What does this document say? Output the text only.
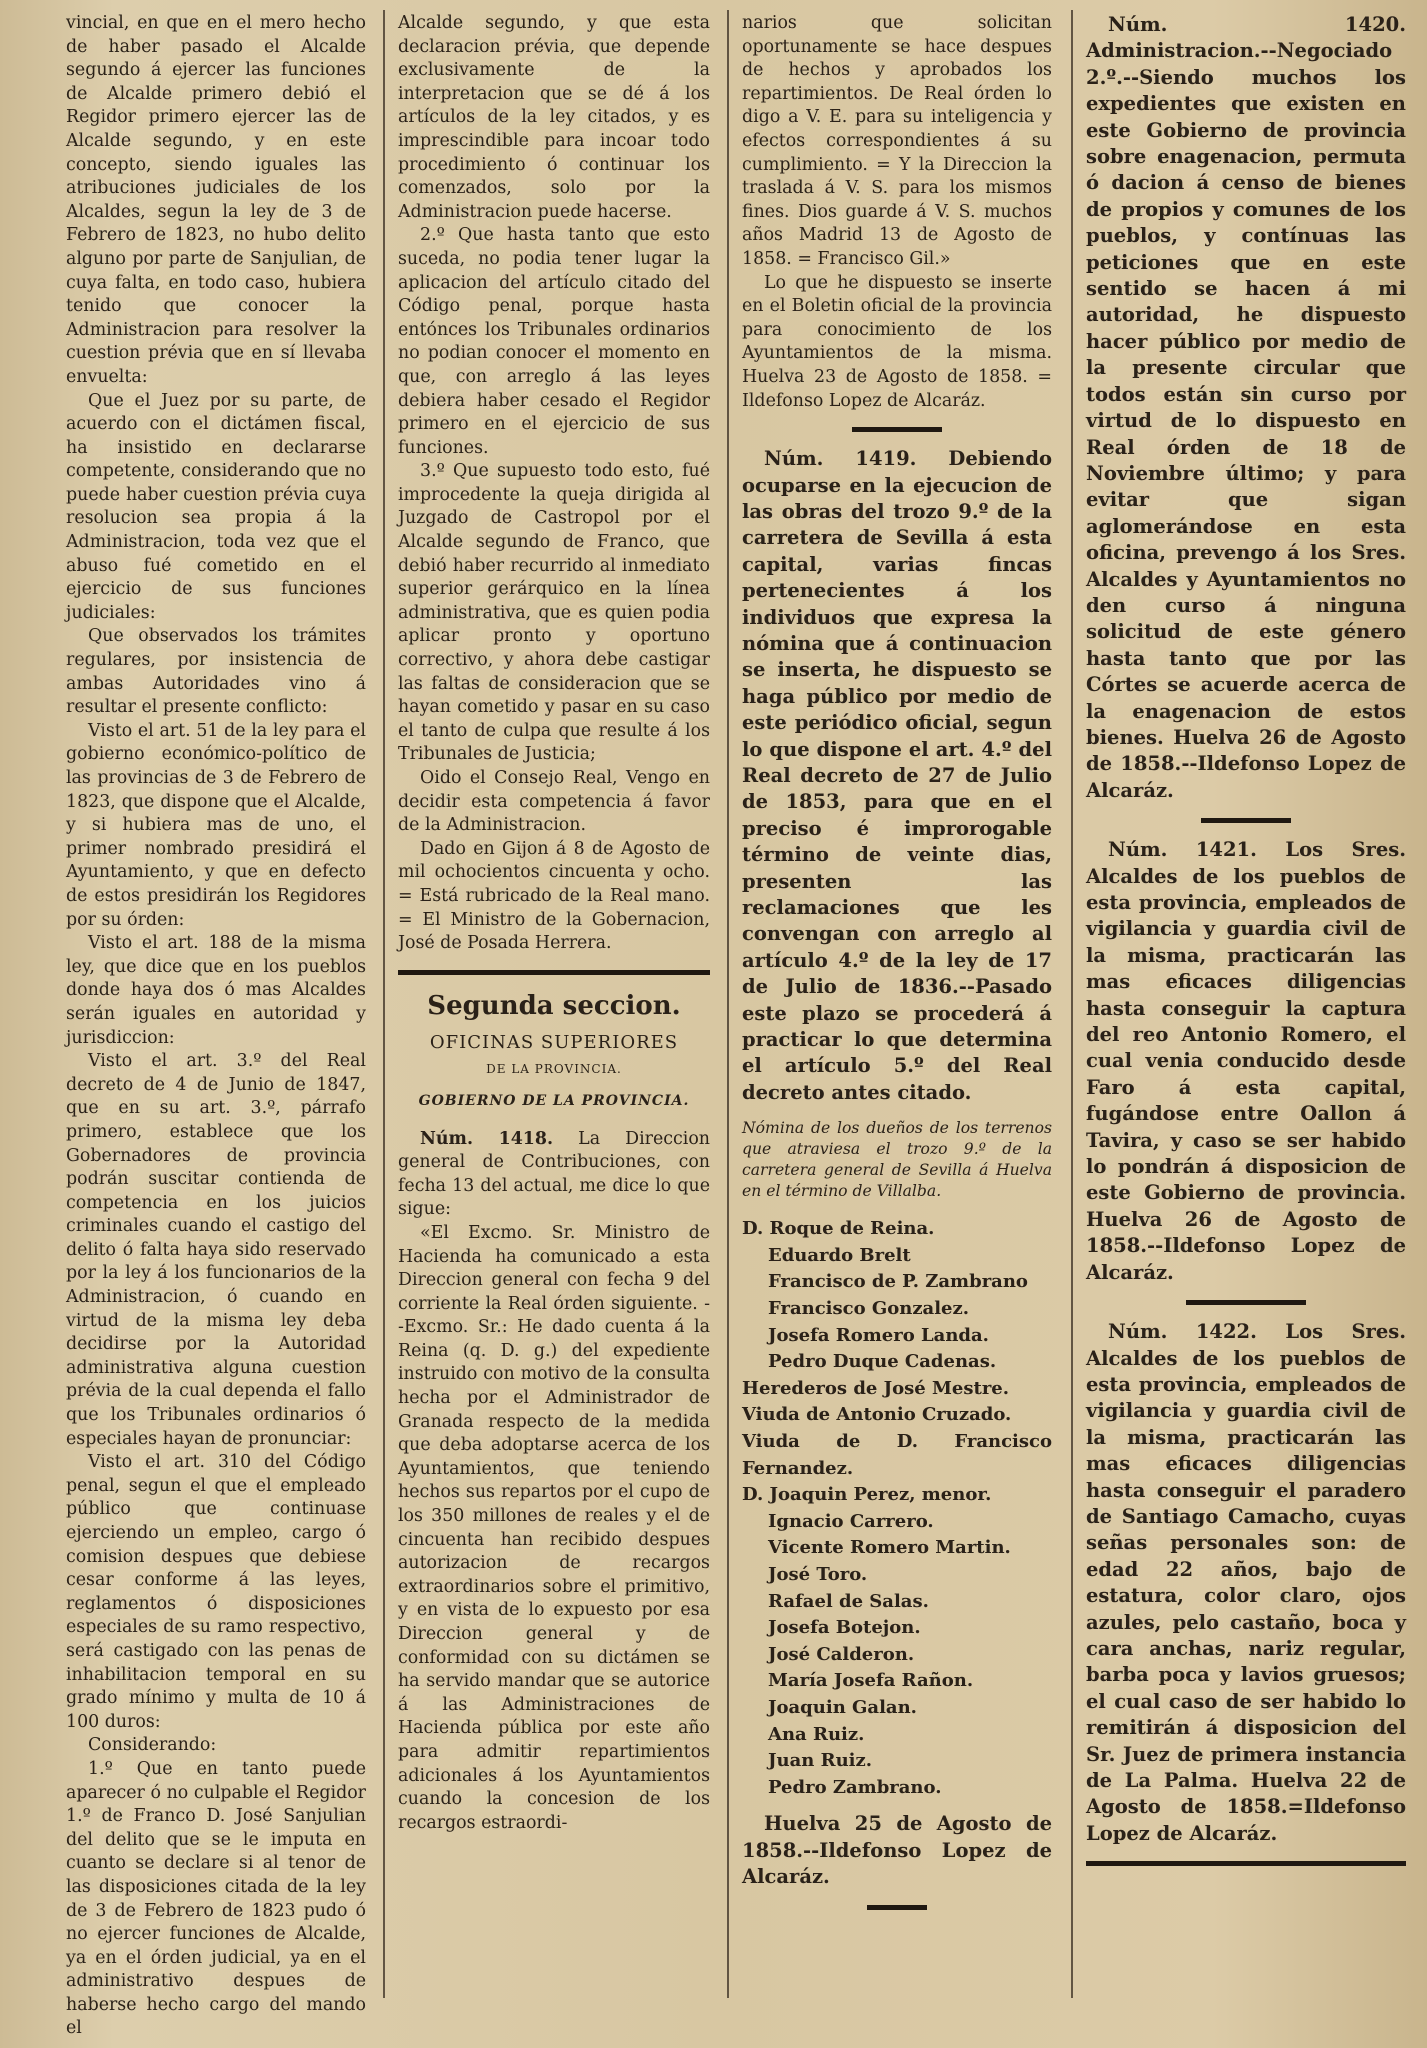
vincial, en que en el mero hecho de haber pasado el Alcalde segundo á ejercer las funciones de Alcalde primero debió el Regidor primero ejercer las de Alcalde segundo, y en este concepto, siendo iguales las atribuciones judiciales de los Alcaldes, segun la ley de 3 de Febrero de 1823, no hubo delito alguno por parte de Sanjulian, de cuya falta, en todo caso, hubiera tenido que conocer la Administracion para resolver la cuestion prévia que en sí llevaba envuelta:

Que el Juez por su parte, de acuerdo con el dictámen fiscal, ha insistido en declararse competente, considerando que no puede haber cuestion prévia cuya resolucion sea propia á la Administracion, toda vez que el abuso fué cometido en el ejercicio de sus funciones judiciales:

Que observados los trámites regulares, por insistencia de ambas Autoridades vino á resultar el presente conflicto:

Visto el art. 51 de la ley para el gobierno económico-político de las provincias de 3 de Febrero de 1823, que dispone que el Alcalde, y si hubiera mas de uno, el primer nombrado presidirá el Ayuntamiento, y que en defecto de estos presidirán los Regidores por su órden:

Visto el art. 188 de la misma ley, que dice que en los pueblos donde haya dos ó mas Alcaldes serán iguales en autoridad y jurisdiccion:

Visto el art. 3.º del Real decreto de 4 de Junio de 1847, que en su art. 3.º, párrafo primero, establece que los Gobernadores de provincia podrán suscitar contienda de competencia en los juicios criminales cuando el castigo del delito ó falta haya sido reservado por la ley á los funcionarios de la Administracion, ó cuando en virtud de la misma ley deba decidirse por la Autoridad administrativa alguna cuestion prévia de la cual dependa el fallo que los Tribunales ordinarios ó especiales hayan de pronunciar:

Visto el art. 310 del Código penal, segun el que el empleado público que continuase ejerciendo un empleo, cargo ó comision despues que debiese cesar conforme á las leyes, reglamentos ó disposiciones especiales de su ramo respectivo, será castigado con las penas de inhabilitacion temporal en su grado mínimo y multa de 10 á 100 duros:

Considerando:

1.º Que en tanto puede aparecer ó no culpable el Regidor 1.º de Franco D. José Sanjulian del delito que se le imputa en cuanto se declare si al tenor de las disposiciones citada de la ley de 3 de Febrero de 1823 pudo ó no ejercer funciones de Alcalde, ya en el órden judicial, ya en el administrativo despues de haberse hecho cargo del mando el

Alcalde segundo, y que esta declaracion prévia, que depende exclusivamente de la interpretacion que se dé á los artículos de la ley citados, y es imprescindible para incoar todo procedimiento ó continuar los comenzados, solo por la Administracion puede hacerse.

2.º Que hasta tanto que esto suceda, no podia tener lugar la aplicacion del artículo citado del Código penal, porque hasta entónces los Tribunales ordinarios no podian conocer el momento en que, con arreglo á las leyes debiera haber cesado el Regidor primero en el ejercicio de sus funciones.

3.º Que supuesto todo esto, fué improcedente la queja dirigida al Juzgado de Castropol por el Alcalde segundo de Franco, que debió haber recurrido al inmediato superior gerárquico en la línea administrativa, que es quien podia aplicar pronto y oportuno correctivo, y ahora debe castigar las faltas de consideracion que se hayan cometido y pasar en su caso el tanto de culpa que resulte á los Tribunales de Justicia;

Oido el Consejo Real, Vengo en decidir esta competencia á favor de la Administracion.

Dado en Gijon á 8 de Agosto de mil ochocientos cincuenta y ocho. = Está rubricado de la Real mano. = El Ministro de la Gobernacion, José de Posada Herrera.

Segunda seccion.
OFICINAS SUPERIORES
DE LA PROVINCIA.
GOBIERNO DE LA PROVINCIA.

Núm. 1418. La Direccion general de Contribuciones, con fecha 13 del actual, me dice lo que sigue:

«El Excmo. Sr. Ministro de Hacienda ha comunicado a esta Direccion general con fecha 9 del corriente la Real órden siguiente. --Excmo. Sr.: He dado cuenta á la Reina (q. D. g.) del expediente instruido con motivo de la consulta hecha por el Administrador de Granada respecto de la medida que deba adoptarse acerca de los Ayuntamientos, que teniendo hechos sus repartos por el cupo de los 350 millones de reales y el de cincuenta han recibido despues autorizacion de recargos extraordinarios sobre el primitivo, y en vista de lo expuesto por esa Direccion general y de conformidad con su dictámen se ha servido mandar que se autorice á las Administraciones de Hacienda pública por este año para admitir repartimientos adicionales á los Ayuntamientos cuando la concesion de los recargos estraordi-

narios que solicitan oportunamente se hace despues de hechos y aprobados los repartimientos. De Real órden lo digo a V. E. para su inteligencia y efectos correspondientes á su cumplimiento. = Y la Direccion la traslada á V. S. para los mismos fines. Dios guarde á V. S. muchos años Madrid 13 de Agosto de 1858. = Francisco Gil.»

Lo que he dispuesto se inserte en el Boletin oficial de la provincia para conocimiento de los Ayuntamientos de la misma. Huelva 23 de Agosto de 1858. = Ildefonso Lopez de Alcaráz.

Núm. 1419. Debiendo ocuparse en la ejecucion de las obras del trozo 9.º de la carretera de Sevilla á esta capital, varias fincas pertenecientes á los individuos que expresa la nómina que á continuacion se inserta, he dispuesto se haga público por medio de este periódico oficial, segun lo que dispone el art. 4.º del Real decreto de 27 de Julio de 1853, para que en el preciso é improrogable término de veinte dias, presenten las reclamaciones que les convengan con arreglo al artículo 4.º de la ley de 17 de Julio de 1836.--Pasado este plazo se procederá á practicar lo que determina el artículo 5.º del Real decreto antes citado.

Nómina de los dueños de los terrenos que atraviesa el trozo 9.º de la carretera general de Sevilla á Huelva en el término de Villalba.

D. Roque de Reina.
Eduardo Brelt
Francisco de P. Zambrano
Francisco Gonzalez.
Josefa Romero Landa.
Pedro Duque Cadenas.
Herederos de José Mestre.
Viuda de Antonio Cruzado.
Viuda de D. Francisco Fernandez.
D. Joaquin Perez, menor.
Ignacio Carrero.
Vicente Romero Martin.
José Toro.
Rafael de Salas.
Josefa Botejon.
José Calderon.
María Josefa Rañon.
Joaquin Galan.
Ana Ruiz.
Juan Ruiz.
Pedro Zambrano.

Huelva 25 de Agosto de 1858.--Ildefonso Lopez de Alcaráz.

Núm. 1420. Administracion.--Negociado 2.º.--Siendo muchos los expedientes que existen en este Gobierno de provincia sobre enagenacion, permuta ó dacion á censo de bienes de propios y comunes de los pueblos, y contínuas las peticiones que en este sentido se hacen á mi autoridad, he dispuesto hacer público por medio de la presente circular que todos están sin curso por virtud de lo dispuesto en Real órden de 18 de Noviembre último; y para evitar que sigan aglomerándose en esta oficina, prevengo á los Sres. Alcaldes y Ayuntamientos no den curso á ninguna solicitud de este género hasta tanto que por las Córtes se acuerde acerca de la enagenacion de estos bienes. Huelva 26 de Agosto de 1858.--Ildefonso Lopez de Alcaráz.

Núm. 1421. Los Sres. Alcaldes de los pueblos de esta provincia, empleados de vigilancia y guardia civil de la misma, practicarán las mas eficaces diligencias hasta conseguir la captura del reo Antonio Romero, el cual venia conducido desde Faro á esta capital, fugándose entre Oallon á Tavira, y caso se ser habido lo pondrán á disposicion de este Gobierno de provincia. Huelva 26 de Agosto de 1858.--Ildefonso Lopez de Alcaráz.

Núm. 1422. Los Sres. Alcaldes de los pueblos de esta provincia, empleados de vigilancia y guardia civil de la misma, practicarán las mas eficaces diligencias hasta conseguir el paradero de Santiago Camacho, cuyas señas personales son: de edad 22 años, bajo de estatura, color claro, ojos azules, pelo castaño, boca y cara anchas, nariz regular, barba poca y lavios gruesos; el cual caso de ser habido lo remitirán á disposicion del Sr. Juez de primera instancia de La Palma. Huelva 22 de Agosto de 1858.=Ildefonso Lopez de Alcaráz.
